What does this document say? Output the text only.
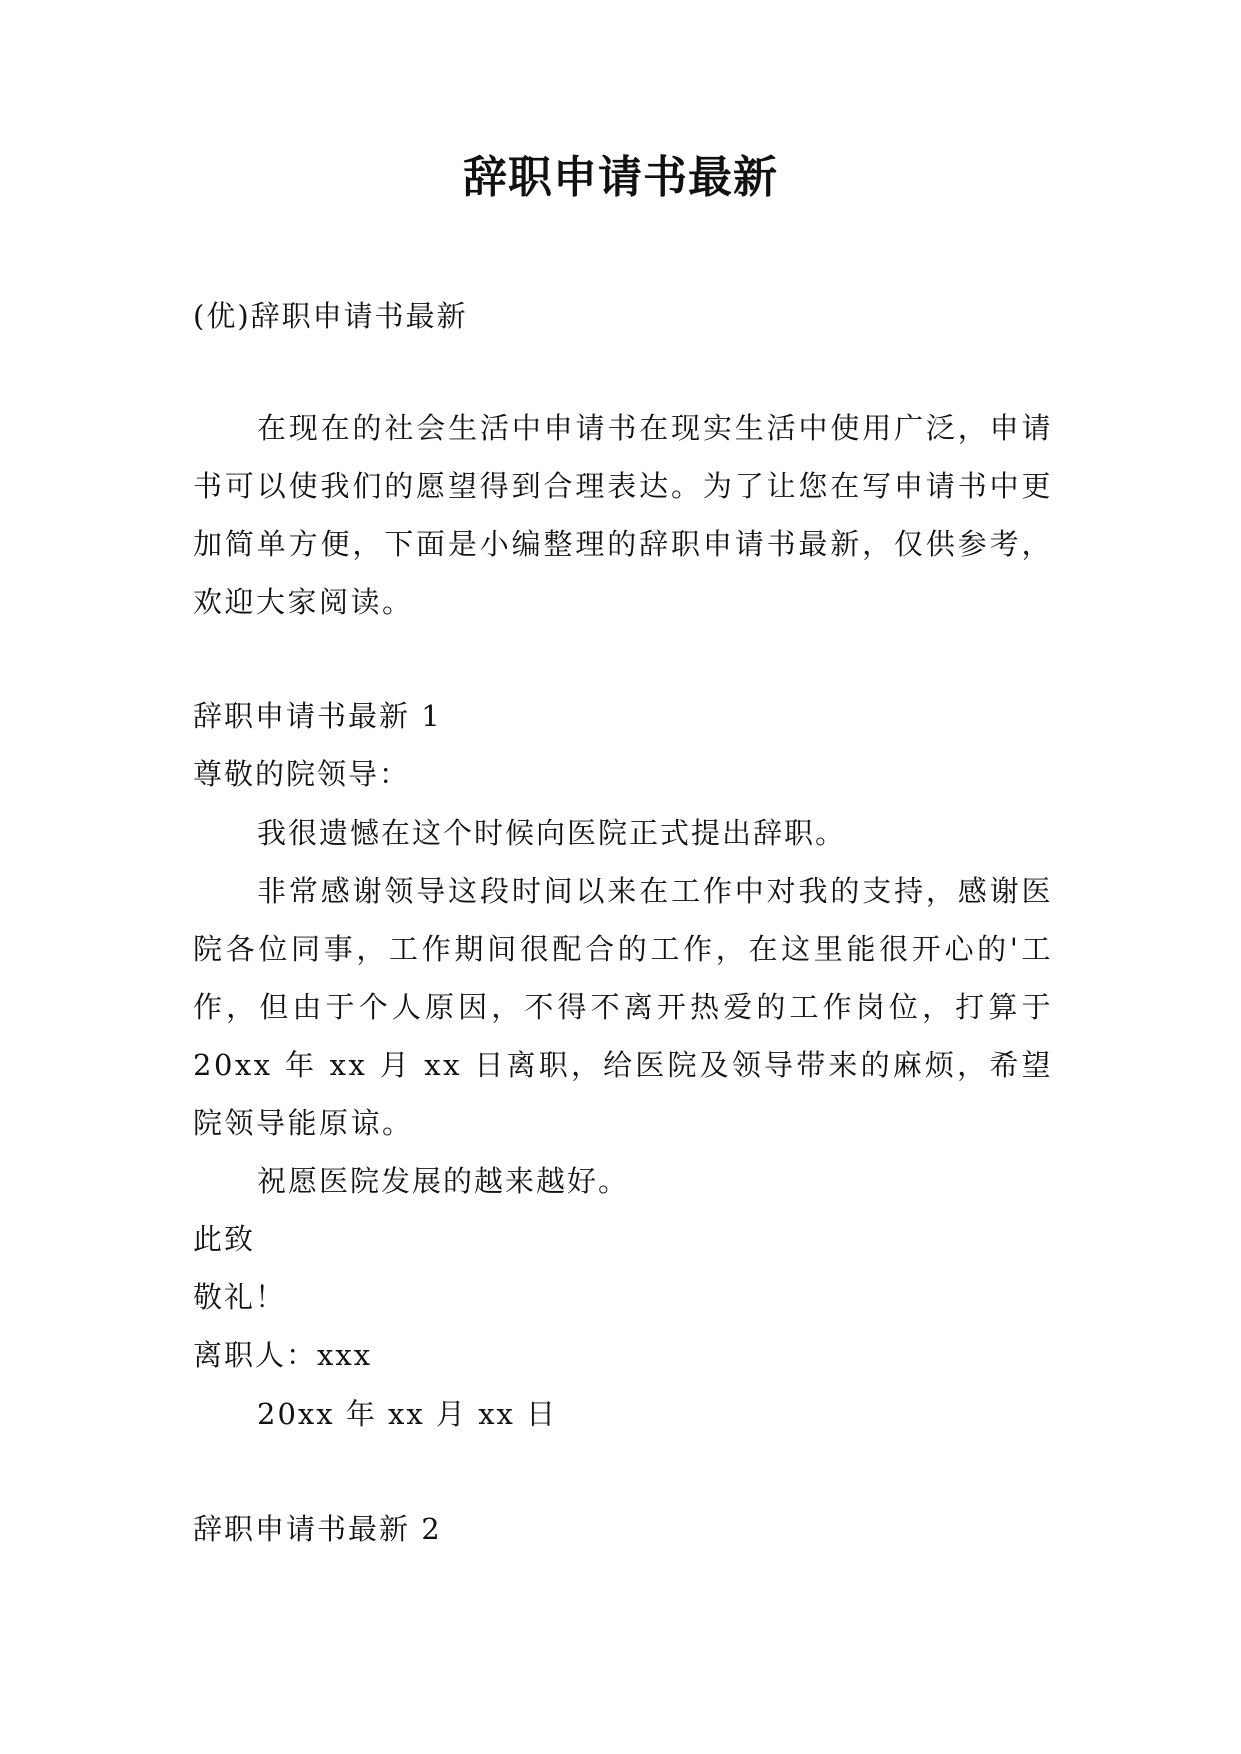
辞职申请书最新

(优)辞职申请书最新

在现在的社会生活中申请书在现实生活中使用广泛，申请书可以使我们的愿望得到合理表达。为了让您在写申请书中更加简单方便，下面是小编整理的辞职申请书最新，仅供参考，欢迎大家阅读。

辞职申请书最新 1

尊敬的院领导：

我很遗憾在这个时候向医院正式提出辞职。

非常感谢领导这段时间以来在工作中对我的支持，感谢医院各位同事，工作期间很配合的工作，在这里能很开心的'工作，但由于个人原因，不得不离开热爱的工作岗位，打算于 20xx 年 xx 月 xx 日离职，给医院及领导带来的麻烦，希望院领导能原谅。

祝愿医院发展的越来越好。

此致

敬礼！

离职人：xxx

20xx 年 xx 月 xx 日

辞职申请书最新 2
